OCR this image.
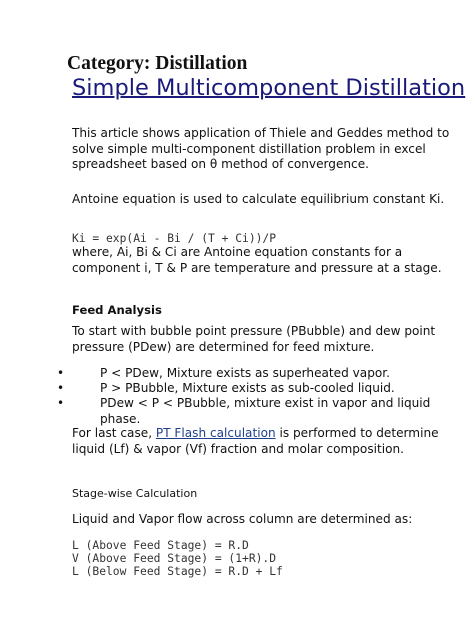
Category: Distillation
Simple Multicomponent Distillation

This article shows application of Thiele and Geddes method to solve simple multi-component distillation problem in excel spreadsheet based on θ method of convergence.

Antoine equation is used to calculate equilibrium constant Ki.

Ki = exp(Ai - Bi / (T + Ci))/P

where, Ai, Bi & Ci are Antoine equation constants for a component i, T & P are temperature and pressure at a stage.

Feed Analysis

To start with bubble point pressure (PBubble) and dew point pressure (PDew) are determined for feed mixture.

•	P < PDew, Mixture exists as superheated vapor.
•	P > PBubble, Mixture exists as sub-cooled liquid.
•	PDew < P < PBubble, mixture exist in vapor and liquid phase.

For last case, PT Flash calculation is performed to determine liquid (Lf) & vapor (Vf) fraction and molar composition.

Stage-wise Calculation

Liquid and Vapor flow across column are determined as:

L (Above Feed Stage) = R.D

V (Above Feed Stage) = (1+R).D

L (Below Feed Stage) = R.D + Lf
